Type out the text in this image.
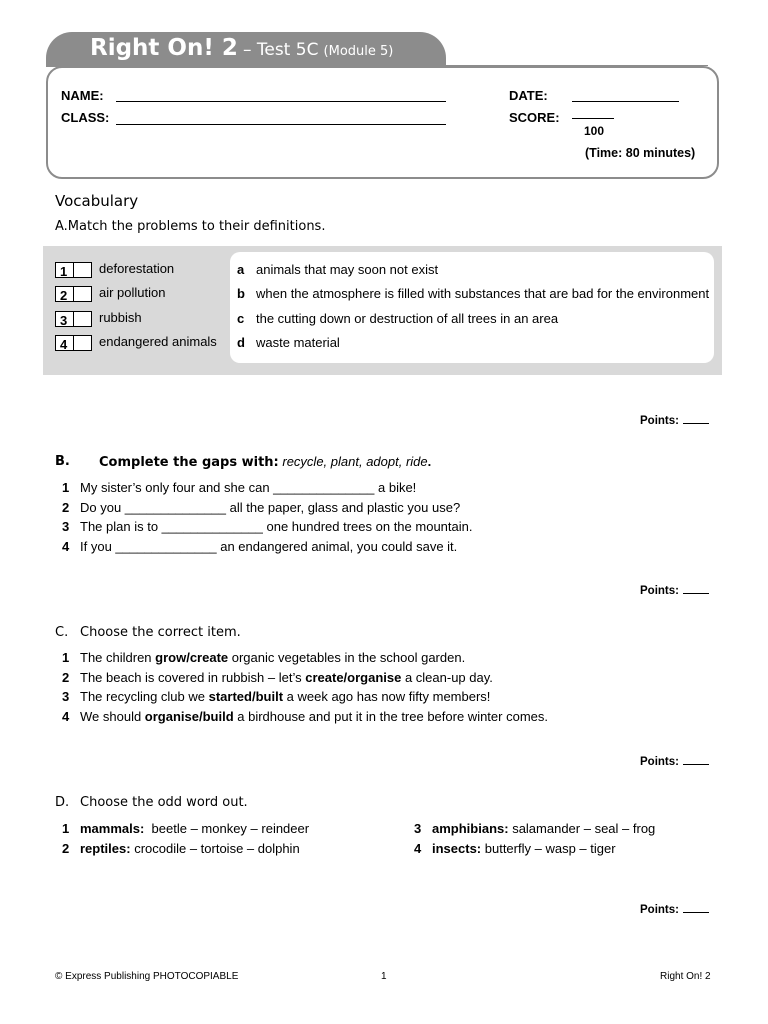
Right On! 2 – Test 5C (Module 5)
NAME:
CLASS:
DATE:
SCORE:
100
(Time: 80 minutes)
Vocabulary
A.Match the problems to their definitions.
1 deforestation
2 air pollution
3 rubbish
4 endangered animals
a animals that may soon not exist
b when the atmosphere is filled with substances that are bad for the environment
c the cutting down or destruction of all trees in an area
d waste material
Points:
B. Complete the gaps with: recycle, plant, adopt, ride.
1 My sister’s only four and she can ______________ a bike!
2 Do you ______________ all the paper, glass and plastic you use?
3 The plan is to ______________ one hundred trees on the mountain.
4 If you ______________ an endangered animal, you could save it.
Points:
C. Choose the correct item.
1 The children grow/create organic vegetables in the school garden.
2 The beach is covered in rubbish – let’s create/organise a clean-up day.
3 The recycling club we started/built a week ago has now fifty members!
4 We should organise/build a birdhouse and put it in the tree before winter comes.
Points:
D. Choose the odd word out.
1 mammals:  beetle – monkey – reindeer
2 reptiles: crocodile – tortoise – dolphin
3 amphibians: salamander – seal – frog
4 insects: butterfly – wasp – tiger
Points:
© Express Publishing PHOTOCOPIABLE	1	Right On! 2
